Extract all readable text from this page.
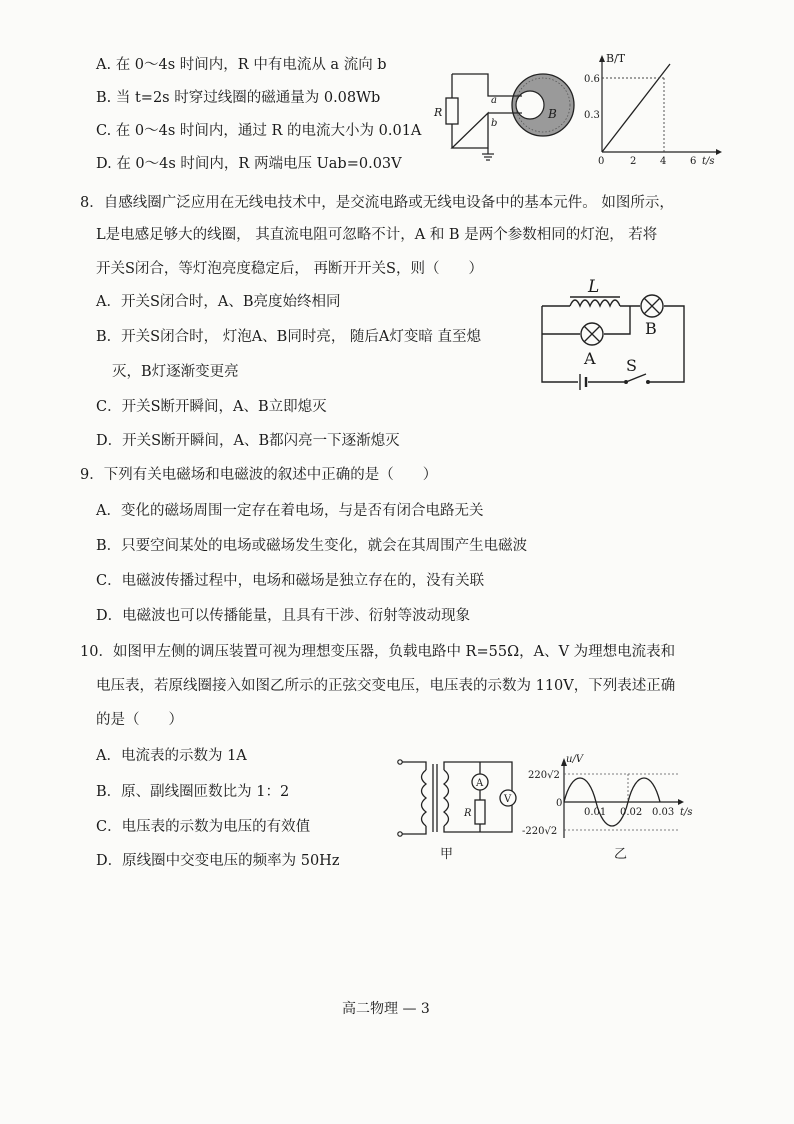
A. 在 0～4s 时间内，R 中有电流从 a 流向 b
B. 当 t=2s 时穿过线圈的磁通量为 0.08Wb
C. 在 0～4s 时间内，通过 R 的电流大小为 0.01A
D. 在 0～4s 时间内，R 两端电压 Uab=0.03V
R
a
b
B
B/T
0.6
0.3
0	2 4 6 t/s
8．自感线圈广泛应用在无线电技术中，是交流电路或无线电设备中的基本元件。 如图所示，
L是电感足够大的线圈， 其直流电阻可忽略不计，A 和 B 是两个参数相同的灯泡， 若将
开关S闭合，等灯泡亮度稳定后， 再断开开关S，则（　　）
A．开关S闭合时，A、B亮度始终相同
B．开关S闭合时， 灯泡A、B同时亮， 随后A灯变暗 直至熄
灭，B灯逐渐变更亮
C．开关S断开瞬间，A、B立即熄灭
D．开关S断开瞬间，A、B都闪亮一下逐渐熄灭
L
B
A S
9．下列有关电磁场和电磁波的叙述中正确的是（　　）
A．变化的磁场周围一定存在着电场，与是否有闭合电路无关
B．只要空间某处的电场或磁场发生变化，就会在其周围产生电磁波
C．电磁波传播过程中，电场和磁场是独立存在的，没有关联
D．电磁波也可以传播能量，且具有干涉、衍射等波动现象
10．如图甲左侧的调压装置可视为理想变压器，负载电路中 R=55Ω，A、V 为理想电流表和
电压表，若原线圈接入如图乙所示的正弦交变电压，电压表的示数为 110V，下列表述正确
的是（　　）
A．电流表的示数为 1A
B．原、副线圈匝数比为 1：2
C．电压表的示数为电压的有效值
D．原线圈中交变电压的频率为 50Hz
A
R
V
甲
u/V
220√2
0
-220√2
0.01 0.02 0.03 t/s
乙
高二物理 — 3
